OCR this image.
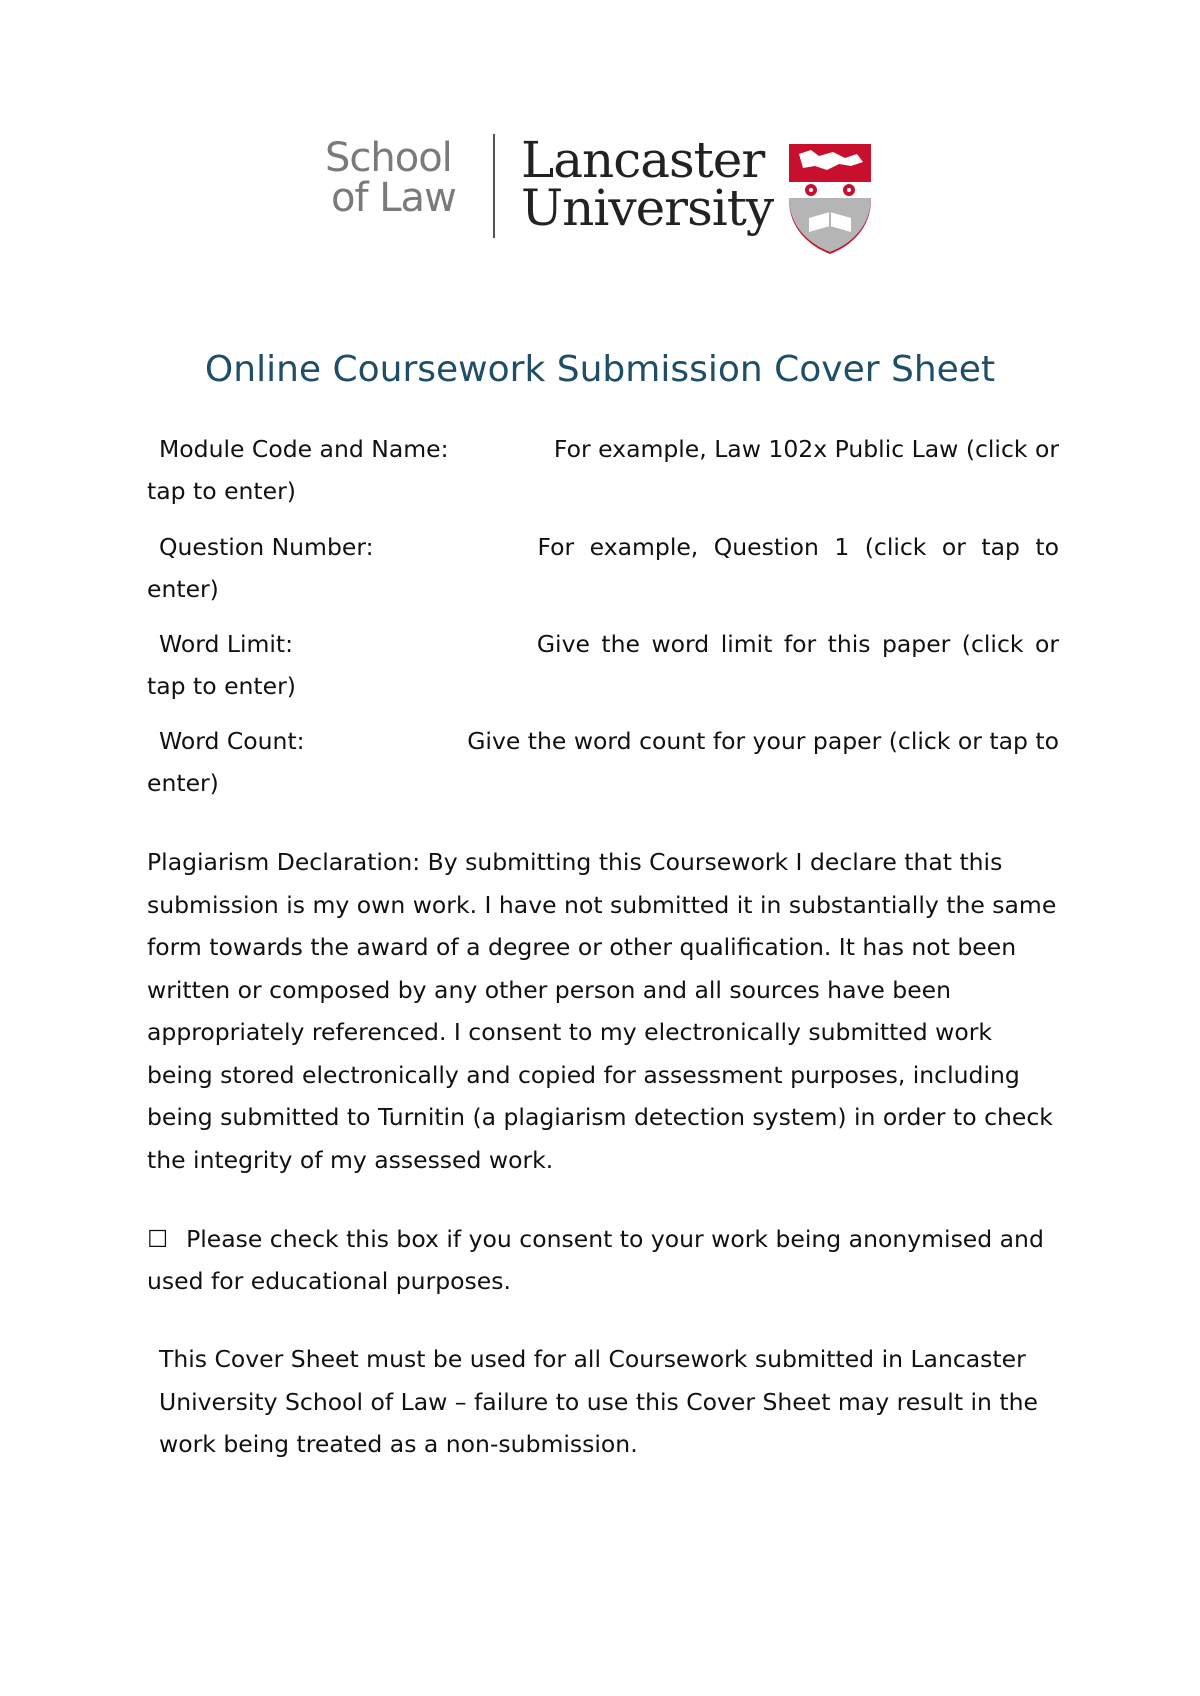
School
of Law
Lancaster
University
Online Coursework Submission Cover Sheet
Module Code and Name:	For example, Law 102x Public Law (click or
tap to enter)
Question Number:	For example, Question 1 (click or tap to
enter)
Word Limit:	Give the word limit for this paper (click or
tap to enter)
Word Count:	Give the word count for your paper (click or tap to
enter)
Plagiarism Declaration: By submitting this Coursework I declare that this submission is my own work. I have not submitted it in substantially the same form towards the award of a degree or other qualification. It has not been written or composed by any other person and all sources have been appropriately referenced. I consent to my electronically submitted work being stored electronically and copied for assessment purposes, including being submitted to Turnitin (a plagiarism detection system) in order to check the integrity of my assessed work.
☐ Please check this box if you consent to your work being anonymised and used for educational purposes.
This Cover Sheet must be used for all Coursework submitted in Lancaster University School of Law – failure to use this Cover Sheet may result in the work being treated as a non-submission.
